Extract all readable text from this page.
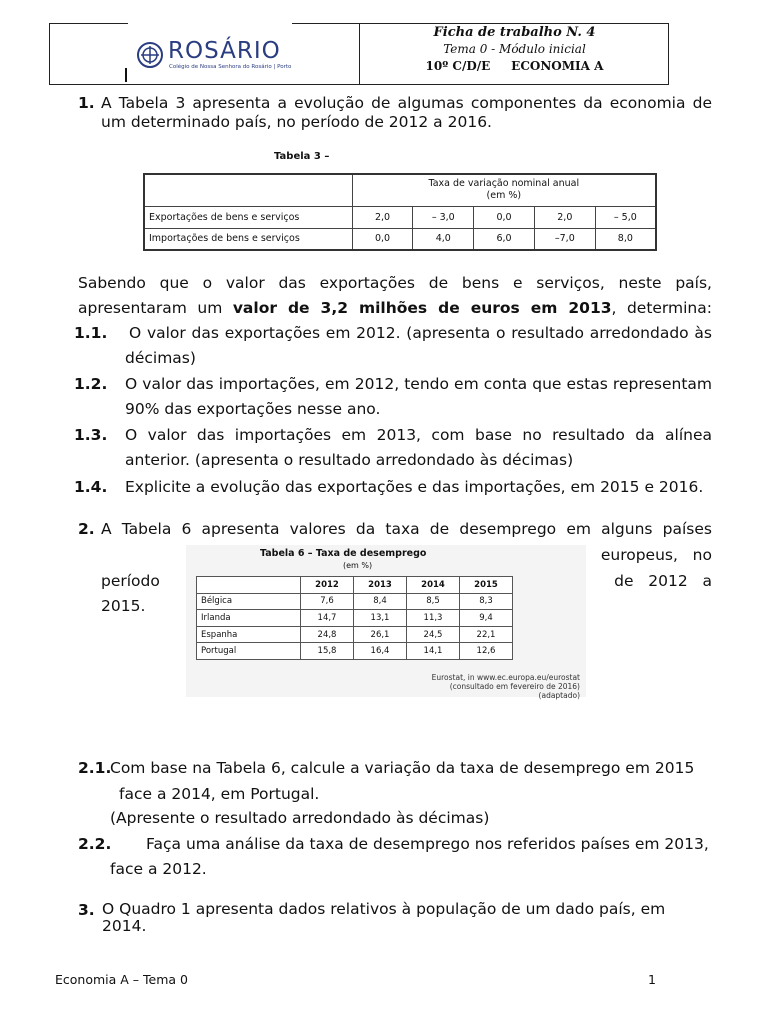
ROSÁRIO
Colégio de Nossa Senhora do Rosário | Porto
Ficha de trabalho N. 4
Tema 0 - Módulo inicial
10º C/D/E     ECONOMIA A
1. A Tabela 3 apresenta a evolução de algumas componentes da economia de
um determinado país, no período de 2012 a 2016.
Tabela 3 –

	Taxa de variação nominal anual
(em %)				

Exportações de bens e serviços	2,0	– 3,0	0,0	2,0	– 5,0
Importações de bens e serviços	0,0	4,0	6,0	–7,0	8,0
Sabendo que o valor das exportações de bens e serviços, neste país,
apresentaram um valor de 3,2 milhões de euros em 2013, determina:
1.1. O valor das exportações em 2012. (apresenta o resultado arredondado às
décimas)
1.2. O valor das importações, em 2012, tendo em conta que estas representam
90% das exportações nesse ano.
1.3. O valor das importações em 2013, com base no resultado da alínea
anterior. (apresenta o resultado arredondado às décimas)
1.4. Explicite a evolução das exportações e das importações, em 2015 e 2016.
2. A Tabela 6 apresenta valores da taxa de desemprego em alguns países
europeus,   no
período	de   2012   a
2015.
Tabela 6 – Taxa de desemprego
(em %)
	2012	2013	2014	2015
Bélgica	7,6	8,4	8,5	8,3
Irlanda	14,7	13,1	11,3	9,4
Espanha	24,8	26,1	24,5	22,1
Portugal	15,8	16,4	14,1	12,6
Eurostat, in www.ec.europa.eu/eurostat
(consultado em fevereiro de 2016) (adaptado)
2.1.
Com base na Tabela 6, calcule a variação da taxa de desemprego em 2015
face a 2014, em Portugal.
(Apresente o resultado arredondado às décimas)
2.2. Faça uma análise da taxa de desemprego nos referidos países em 2013,
face a 2012.
3. O Quadro 1 apresenta dados relativos à população de um dado país, em
2014.
Economia A – Tema 0	1
